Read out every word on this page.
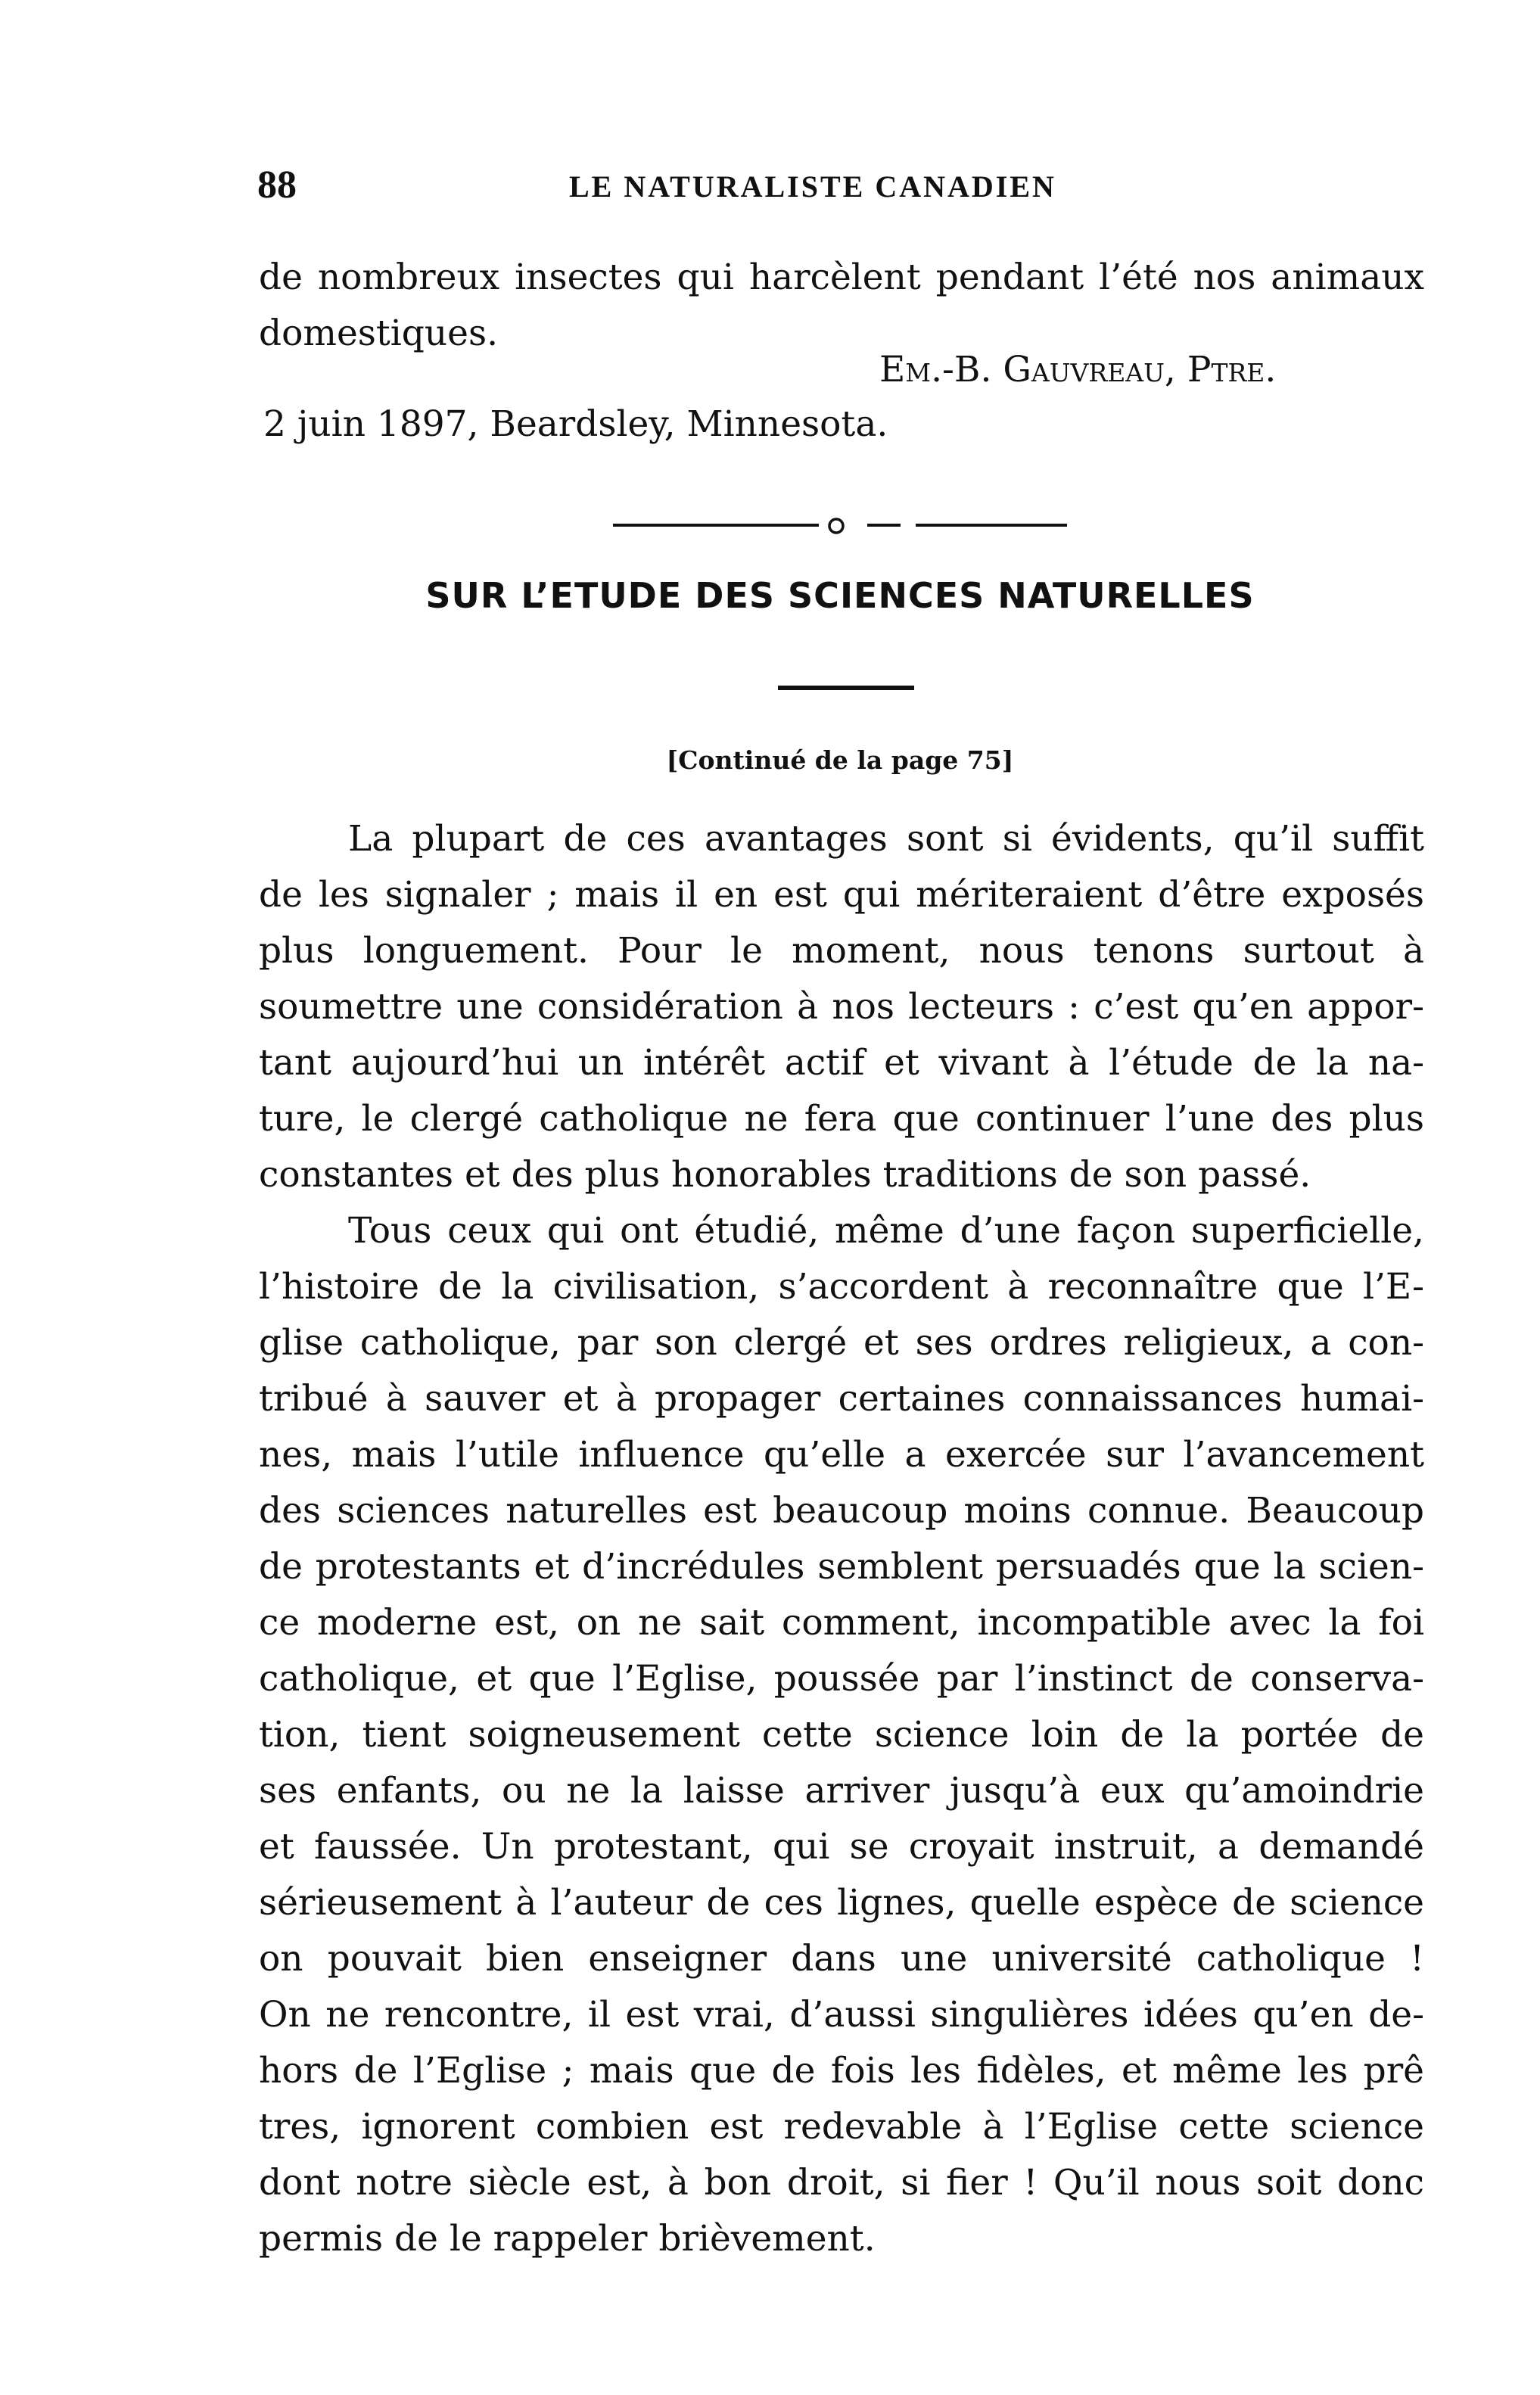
88	LE NATURALISTE CANADIEN
de nombreux insectes qui harcèlent pendant l’été nos animaux
domestiques.
Em.-B. Gauvreau, Ptre.
2 juin 1897, Beardsley, Minnesota.
SUR L’ETUDE DES SCIENCES NATURELLES
[Continué de la page 75]
La plupart de ces avantages sont si évidents, qu’il suffit
de les signaler ; mais il en est qui mériteraient d’être exposés
plus longuement. Pour le moment, nous tenons surtout à
soumettre une considération à nos lecteurs : c’est qu’en appor-
tant aujourd’hui un intérêt actif et vivant à l’étude de la na-
ture, le clergé catholique ne fera que continuer l’une des plus
constantes et des plus honorables traditions de son passé.
Tous ceux qui ont étudié, même d’une façon superficielle,
l’histoire de la civilisation, s’accordent à reconnaître que l’E-
glise catholique, par son clergé et ses ordres religieux, a con-
tribué à sauver et à propager certaines connaissances humai-
nes, mais l’utile influence qu’elle a exercée sur l’avancement
des sciences naturelles est beaucoup moins connue. Beaucoup
de protestants et d’incrédules semblent persuadés que la scien-
ce moderne est, on ne sait comment, incompatible avec la foi
catholique, et que l’Eglise, poussée par l’instinct de conserva-
tion, tient soigneusement cette science loin de la portée de
ses enfants, ou ne la laisse arriver jusqu’à eux qu’amoindrie
et faussée. Un protestant, qui se croyait instruit, a demandé
sérieusement à l’auteur de ces lignes, quelle espèce de science
on pouvait bien enseigner dans une université catholique !
On ne rencontre, il est vrai, d’aussi singulières idées qu’en de-
hors de l’Eglise ; mais que de fois les fidèles, et même les prê
tres, ignorent combien est redevable à l’Eglise cette science
dont notre siècle est, à bon droit, si fier ! Qu’il nous soit donc
permis de le rappeler brièvement.
